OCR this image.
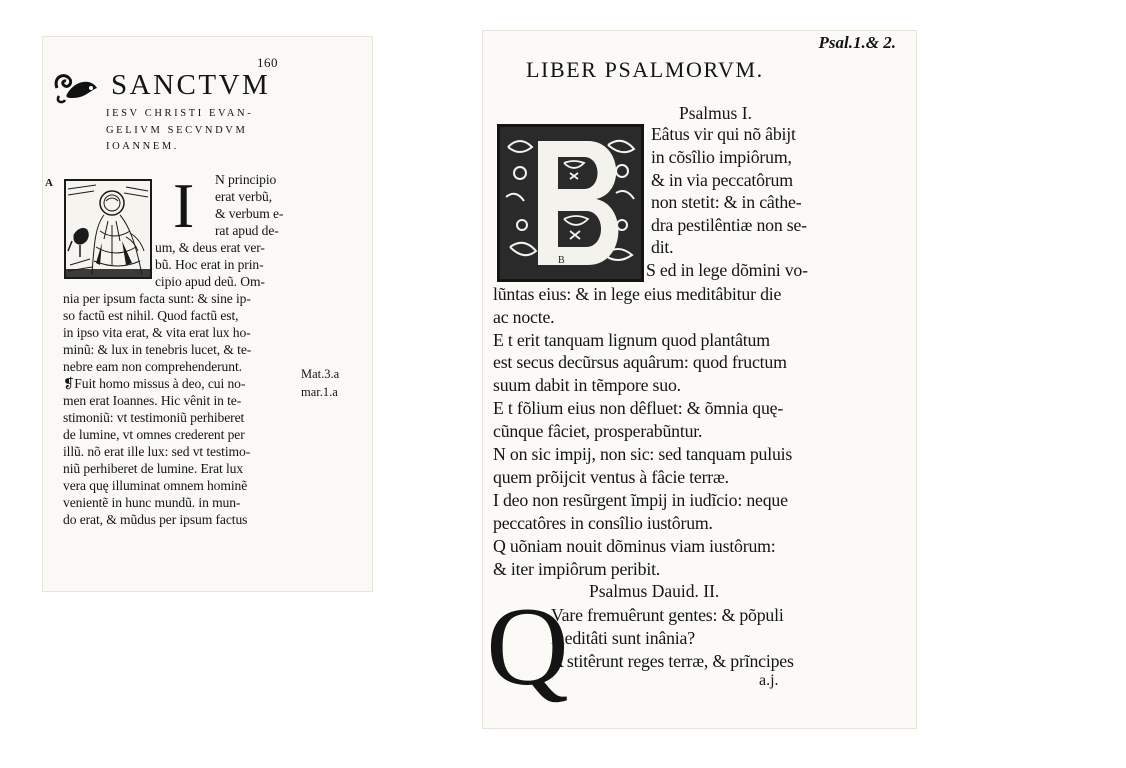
160
SANCTVM
IESV CHRISTI EVAN-
GELIVM SECVNDVM
IOANNEM.
A I N principio
erat verbũ,
& verbum e-
rat apud de-
um, & deus erat ver-
bũ. Hoc erat in prin-
cipio apud deũ. Om-
nia per ipsum facta sunt: & sine ip-
so factũ est nihil. Quod factũ est,
in ipso vita erat, & vita erat lux ho-
minũ: & lux in tenebris lucet, & te-
nebre eam non comprehenderunt.
❡Fuit homo missus à deo, cui no-
men erat Ioannes. Hic vênit in te-
stimoniũ: vt testimoniũ perhiberet
de lumine, vt omnes crederent per
illũ. nõ erat ille lux: sed vt testimo-
niũ perhiberet de lumine. Erat lux
vera quę illuminat omnem hominẽ
venientẽ in hunc mundũ. in mun-
do erat, & mũdus per ipsum factus
Mat.3.a
mar.1.a
Psal.1.& 2.
LIBER PSALMORVM.
Psalmus I.
B
Eâtus vir qui nõ âbijt
in cõsîlio impiôrum,
& in via peccatôrum
non stetit: & in câthe-
dra pestilêntiæ non se-
dit.
S ed in lege dõmini vo-
lũntas eius: & in lege eius meditâbitur die
ac nocte.
E t erit tanquam lignum quod plantâtum
est secus decũrsus aquârum: quod fructum
suum dabit in tẽmpore suo.
E t fõlium eius non dêfluet: & õmnia quę-
cũnque fâciet, prosperabũntur.
N on sic impij, non sic: sed tanquam puluis
quem prõijcit ventus à fâcie terræ.
I deo non resũrgent ĩmpij in iudĩcio: neque
peccatôres in consîlio iustôrum.
Q uõniam nouit dõminus viam iustôrum:
& iter impiôrum peribit.
Psalmus Dauid. II.
Q
Vare fremuêrunt gentes: & põpuli
meditâti sunt inânia?
A stitêrunt reges terræ, & prĩncipes
a.j.
